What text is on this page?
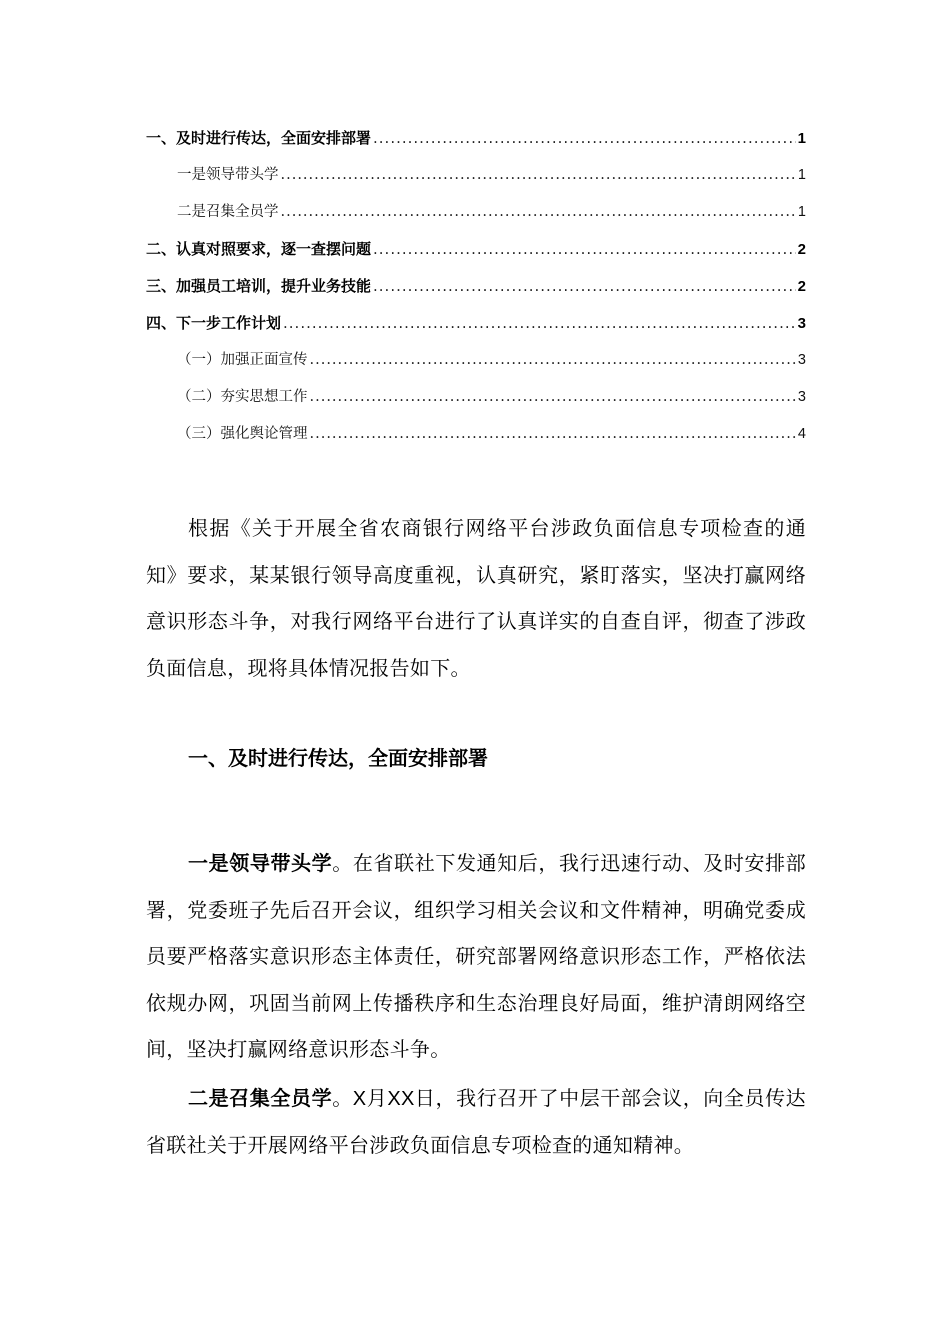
一、及时进行传达，全面安排部署 .....	1
一是领导带头学 .....	1
二是召集全员学 .....	1
二、认真对照要求，逐一查摆问题 .....	2
三、加强员工培训，提升业务技能 .....	2
四、下一步工作计划 .....	3
（一）加强正面宣传 .....	3
（二）夯实思想工作 .....	3
（三）强化舆论管理 .....	4

根据《关于开展全省农商银行网络平台涉政负面信息专项检查的通知》要求，某某银行领导高度重视，认真研究，紧盯落实，坚决打赢网络意识形态斗争，对我行网络平台进行了认真详实的自查自评，彻查了涉政负面信息，现将具体情况报告如下。

一、及时进行传达，全面安排部署

一是领导带头学。在省联社下发通知后，我行迅速行动、及时安排部署，党委班子先后召开会议，组织学习相关会议和文件精神，明确党委成员要严格落实意识形态主体责任，研究部署网络意识形态工作，严格依法依规办网，巩固当前网上传播秩序和生态治理良好局面，维护清朗网络空间，坚决打赢网络意识形态斗争。

二是召集全员学。X月XX日，我行召开了中层干部会议，向全员传达省联社关于开展网络平台涉政负面信息专项检查的通知精神。
